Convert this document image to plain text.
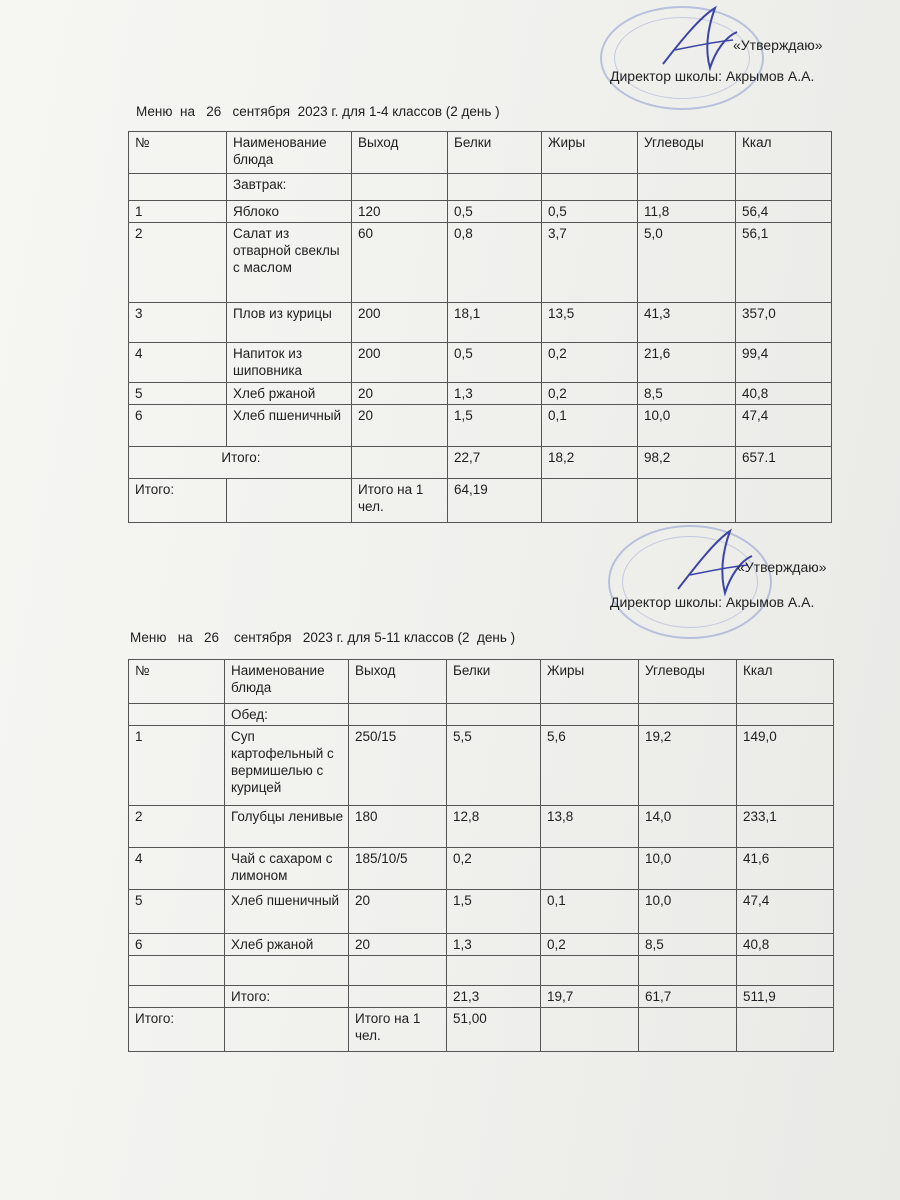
«Утверждаю»
Директор школы: Акрымов А.А.
Меню  на   26   сентября  2023 г. для 1-4 классов (2 день )
№	Наименование блюда	Выход	Белки	Жиры	Углеводы	Ккал
	Завтрак:					
1	Яблоко	120	0,5	0,5	11,8	56,4
2	Салат из отварной свеклы с маслом	60	0,8	3,7	5,0	56,1
3	Плов из курицы	200	18,1	13,5	41,3	357,0
4	Напиток из шиповника	200	0,5	0,2	21,6	99,4
5	Хлеб ржаной	20	1,3	0,2	8,5	40,8
6	Хлеб пшеничный	20	1,5	0,1	10,0	47,4
Итого:			22,7	18,2	98,2	657.1
Итого:		Итого на 1 чел.	64,19			
«Утверждаю»
Директор школы: Акрымов А.А.
Меню   на   26    сентября   2023 г. для 5-11 классов (2  день )
№	Наименование блюда	Выход	Белки	Жиры	Углеводы	Ккал
	Обед:					
1	Суп картофельный с вермишелью с курицей	250/15	5,5	5,6	19,2	149,0
2	Голубцы ленивые	180	12,8	13,8	14,0	233,1
4	Чай с сахаром с лимоном	185/10/5	0,2		10,0	41,6
5	Хлеб пшеничный	20	1,5	0,1	10,0	47,4
6	Хлеб ржаной	20	1,3	0,2	8,5	40,8

	Итого:		21,3	19,7	61,7	511,9
Итого:		Итого на 1 чел.	51,00			
